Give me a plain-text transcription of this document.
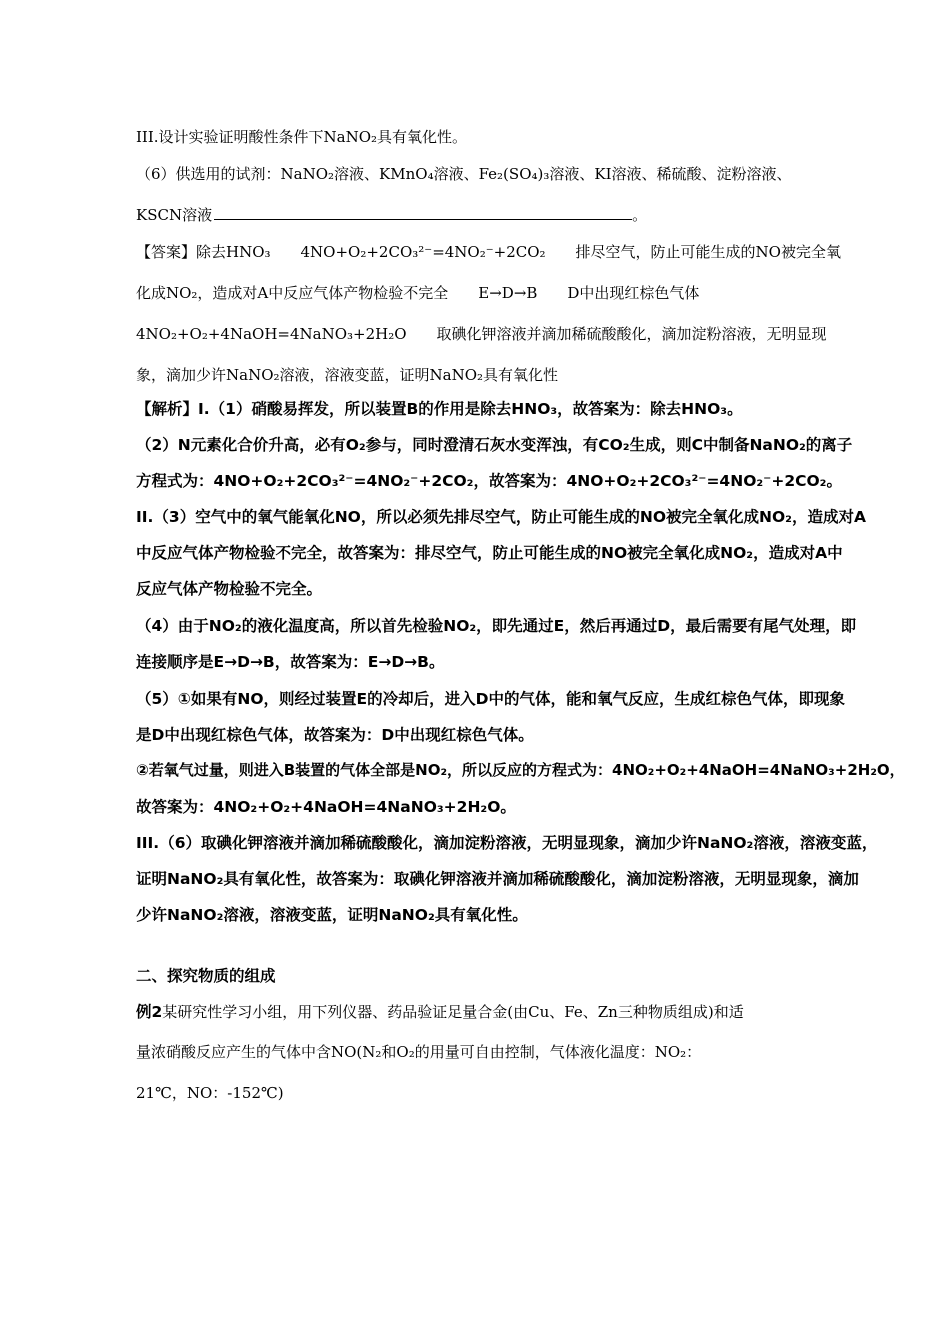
III.设计实验证明酸性条件下NaNO₂具有氧化性。
（6）供选用的试剂：NaNO₂溶液、KMnO₄溶液、Fe₂(SO₄)₃溶液、KI溶液、稀硫酸、淀粉溶液、
KSCN溶液	。
【答案】除去HNO₃　　4NO+O₂+2CO₃²⁻=4NO₂⁻+2CO₂　　排尽空气，防止可能生成的NO被完全氧
化成NO₂，造成对A中反应气体产物检验不完全　　E→D→B　　D中出现红棕色气体
4NO₂+O₂+4NaOH=4NaNO₃+2H₂O　　取碘化钾溶液并滴加稀硫酸酸化，滴加淀粉溶液，无明显现
象，滴加少许NaNO₂溶液，溶液变蓝，证明NaNO₂具有氧化性
【解析】I.（1）硝酸易挥发，所以装置B的作用是除去HNO₃，故答案为：除去HNO₃。
（2）N元素化合价升高，必有O₂参与，同时澄清石灰水变浑浊，有CO₂生成，则C中制备NaNO₂的离子
方程式为：4NO+O₂+2CO₃²⁻=4NO₂⁻+2CO₂，故答案为：4NO+O₂+2CO₃²⁻=4NO₂⁻+2CO₂。
II.（3）空气中的氧气能氧化NO，所以必须先排尽空气，防止可能生成的NO被完全氧化成NO₂，造成对A
中反应气体产物检验不完全，故答案为：排尽空气，防止可能生成的NO被完全氧化成NO₂，造成对A中
反应气体产物检验不完全。
（4）由于NO₂的液化温度高，所以首先检验NO₂，即先通过E，然后再通过D，最后需要有尾气处理，即
连接顺序是E→D→B，故答案为：E→D→B。
（5）①如果有NO，则经过装置E的冷却后，进入D中的气体，能和氧气反应，生成红棕色气体，即现象
是D中出现红棕色气体，故答案为：D中出现红棕色气体。
②若氧气过量，则进入B装置的气体全部是NO₂，所以反应的方程式为：4NO₂+O₂+4NaOH=4NaNO₃+2H₂O，
故答案为：4NO₂+O₂+4NaOH=4NaNO₃+2H₂O。
III.（6）取碘化钾溶液并滴加稀硫酸酸化，滴加淀粉溶液，无明显现象，滴加少许NaNO₂溶液，溶液变蓝，
证明NaNO₂具有氧化性，故答案为：取碘化钾溶液并滴加稀硫酸酸化，滴加淀粉溶液，无明显现象，滴加
少许NaNO₂溶液，溶液变蓝，证明NaNO₂具有氧化性。
二、探究物质的组成
例2某研究性学习小组，用下列仪器、药品验证足量合金(由Cu、Fe、Zn三种物质组成)和适
量浓硝酸反应产生的气体中含NO(N₂和O₂的用量可自由控制，气体液化温度：NO₂：
21℃，NO：-152℃)
